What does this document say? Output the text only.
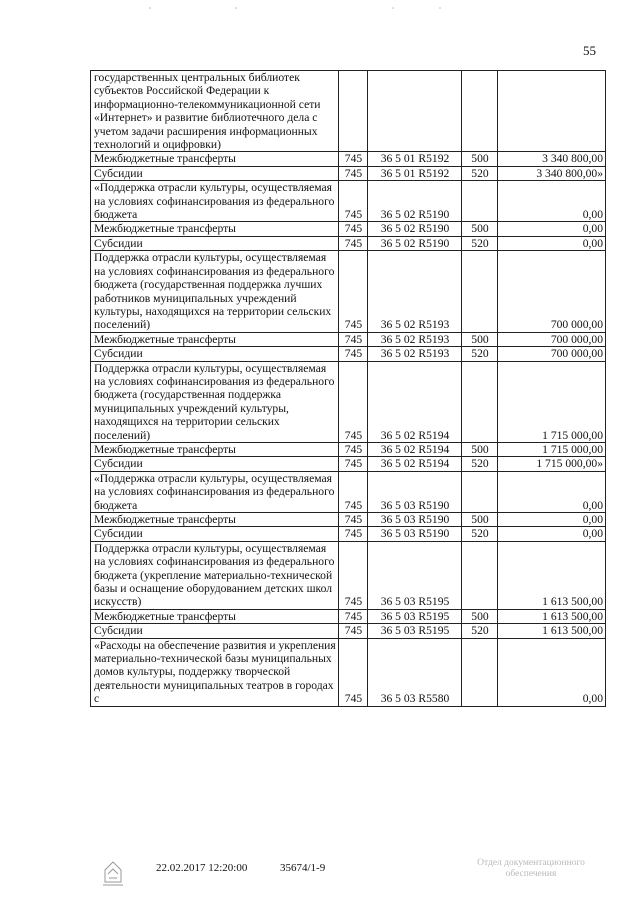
55
государственных центральных библиотек субъектов Российской Федерации к информационно-телекоммуникационной сети «Интернет» и развитие библиотечного дела с учетом задачи расширения информационных технологий и оцифровки)				
Межбюджетные трансферты	745	36 5 01 R5192	500	3 340 800,00
Субсидии	745	36 5 01 R5192	520	3 340 800,00»
«Поддержка отрасли культуры, осуществляемая на условиях софинансирования из федерального бюджета	745	36 5 02 R5190		0,00
Межбюджетные трансферты	745	36 5 02 R5190	500	0,00
Субсидии	745	36 5 02 R5190	520	0,00
Поддержка отрасли культуры, осуществляемая на условиях софинансирования из федерального бюджета (государственная поддержка лучших работников муниципальных учреждений культуры, находящихся на территории сельских поселений)	745	36 5 02 R5193		700 000,00
Межбюджетные трансферты	745	36 5 02 R5193	500	700 000,00
Субсидии	745	36 5 02 R5193	520	700 000,00
Поддержка отрасли культуры, осуществляемая на условиях софинансирования из федерального бюджета (государственная поддержка муниципальных учреждений культуры, находящихся на территории сельских поселений)	745	36 5 02 R5194		1 715 000,00
Межбюджетные трансферты	745	36 5 02 R5194	500	1 715 000,00
Субсидии	745	36 5 02 R5194	520	1 715 000,00»
«Поддержка отрасли культуры, осуществляемая на условиях софинансирования из федерального бюджета	745	36 5 03 R5190		0,00
Межбюджетные трансферты	745	36 5 03 R5190	500	0,00
Субсидии	745	36 5 03 R5190	520	0,00
Поддержка отрасли культуры, осуществляемая на условиях софинансирования из федерального бюджета (укрепление материально-технической базы и оснащение оборудованием детских школ искусств)	745	36 5 03 R5195		1 613 500,00
Межбюджетные трансферты	745	36 5 03 R5195	500	1 613 500,00
Субсидии	745	36 5 03 R5195	520	1 613 500,00
«Расходы на обеспечение развития и укрепления материально-технической базы муниципальных домов культуры, поддержку творческой деятельности муниципальных театров в городах с	745	36 5 03 R5580		0,00
22.02.2017 12:20:00	35674/1-9	Отдел документационного обеспечения
